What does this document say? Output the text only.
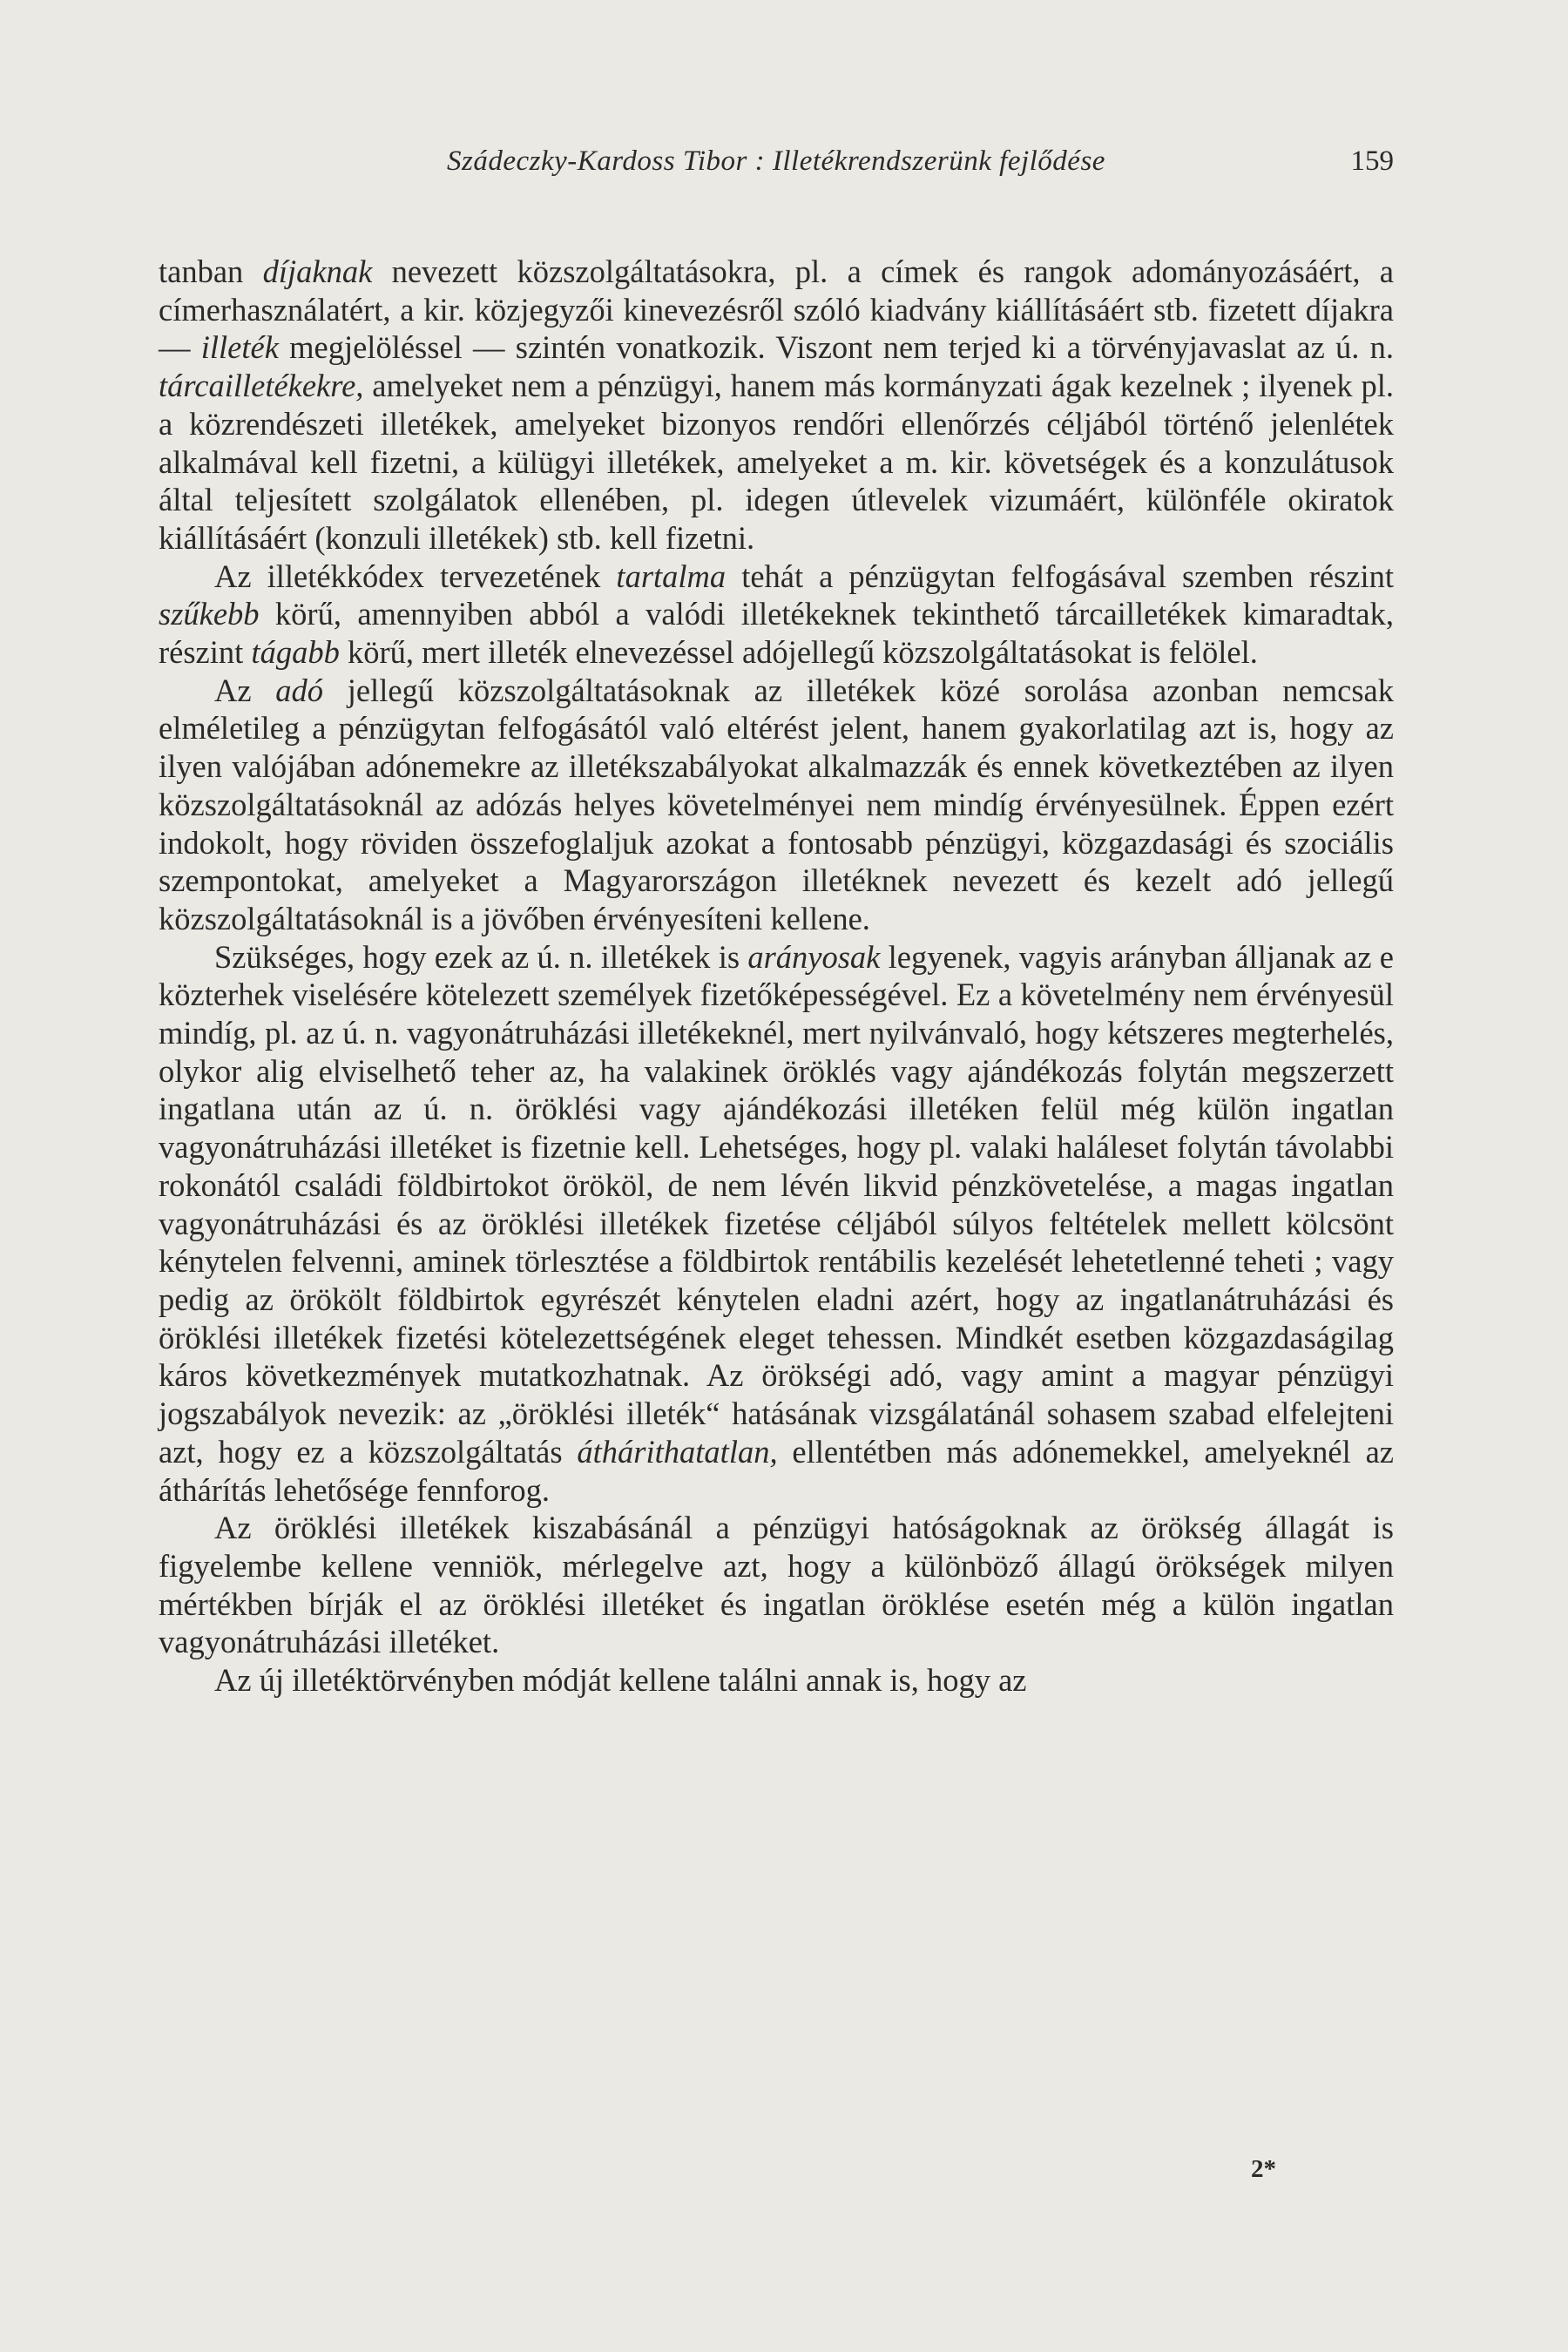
Szádeczky-Kardoss Tibor : Illetékrendszerünk fejlődése	159

tanban díjaknak nevezett közszolgáltatásokra, pl. a címek és rangok adományozásáért, a címerhasználatért, a kir. közjegyzői kinevezésről szóló kiadvány kiállításáért stb. fizetett díjakra — illeték megjelöléssel — szintén vonatkozik. Viszont nem terjed ki a törvényjavaslat az ú. n. tárcailletékekre, amelyeket nem a pénzügyi, hanem más kormányzati ágak kezelnek ; ilyenek pl. a közrendészeti illetékek, amelyeket bizonyos rendőri ellenőrzés céljából történő jelenlétek alkalmával kell fizetni, a külügyi illetékek, amelyeket a m. kir. követségek és a konzulátusok által teljesített szolgálatok ellenében, pl. idegen útlevelek vizumáért, különféle okiratok kiállításáért (konzuli illetékek) stb. kell fizetni.

Az illetékkódex tervezetének tartalma tehát a pénzügytan felfogásával szemben részint szűkebb körű, amennyiben abból a valódi illetékeknek tekinthető tárcailletékek kimaradtak, részint tágabb körű, mert illeték elnevezéssel adójellegű közszolgáltatásokat is felölel.

Az adó jellegű közszolgáltatásoknak az illetékek közé sorolása azonban nemcsak elméletileg a pénzügytan felfogásától való eltérést jelent, hanem gyakorlatilag azt is, hogy az ilyen valójában adónemekre az illetékszabályokat alkalmazzák és ennek következtében az ilyen közszolgáltatásoknál az adózás helyes követelményei nem mindíg érvényesülnek. Éppen ezért indokolt, hogy röviden összefoglaljuk azokat a fontosabb pénzügyi, közgazdasági és szociális szempontokat, amelyeket a Magyarországon illetéknek nevezett és kezelt adó jellegű közszolgáltatásoknál is a jövőben érvényesíteni kellene.

Szükséges, hogy ezek az ú. n. illetékek is arányosak legyenek, vagyis arányban álljanak az e közterhek viselésére kötelezett személyek fizetőképességével. Ez a követelmény nem érvényesül mindíg, pl. az ú. n. vagyonátruházási illetékeknél, mert nyilvánvaló, hogy kétszeres megterhelés, olykor alig elviselhető teher az, ha valakinek öröklés vagy ajándékozás folytán megszerzett ingatlana után az ú. n. öröklési vagy ajándékozási illetéken felül még külön ingatlan vagyonátruházási illetéket is fizetnie kell. Lehetséges, hogy pl. valaki haláleset folytán távolabbi rokonától családi földbirtokot örököl, de nem lévén likvid pénzkövetelése, a magas ingatlan vagyonátruházási és az öröklési illetékek fizetése céljából súlyos feltételek mellett kölcsönt kénytelen felvenni, aminek törlesztése a földbirtok rentábilis kezelését lehetetlenné teheti ; vagy pedig az örökölt földbirtok egyrészét kénytelen eladni azért, hogy az ingatlanátruházási és öröklési illetékek fizetési kötelezettségének eleget tehessen. Mindkét esetben közgazdaságilag káros következmények mutatkozhatnak. Az örökségi adó, vagy amint a magyar pénzügyi jogszabályok nevezik: az „öröklési illeték“ hatásának vizsgálatánál sohasem szabad elfelejteni azt, hogy ez a közszolgáltatás áthárithatatlan, ellentétben más adónemekkel, amelyeknél az áthárítás lehetősége fennforog.

Az öröklési illetékek kiszabásánál a pénzügyi hatóságoknak az örökség állagát is figyelembe kellene venniök, mérlegelve azt, hogy a különböző állagú örökségek milyen mértékben bírják el az öröklési illetéket és ingatlan öröklése esetén még a külön ingatlan vagyonátruházási illetéket.

Az új illetéktörvényben módját kellene találni annak is, hogy az

2*
